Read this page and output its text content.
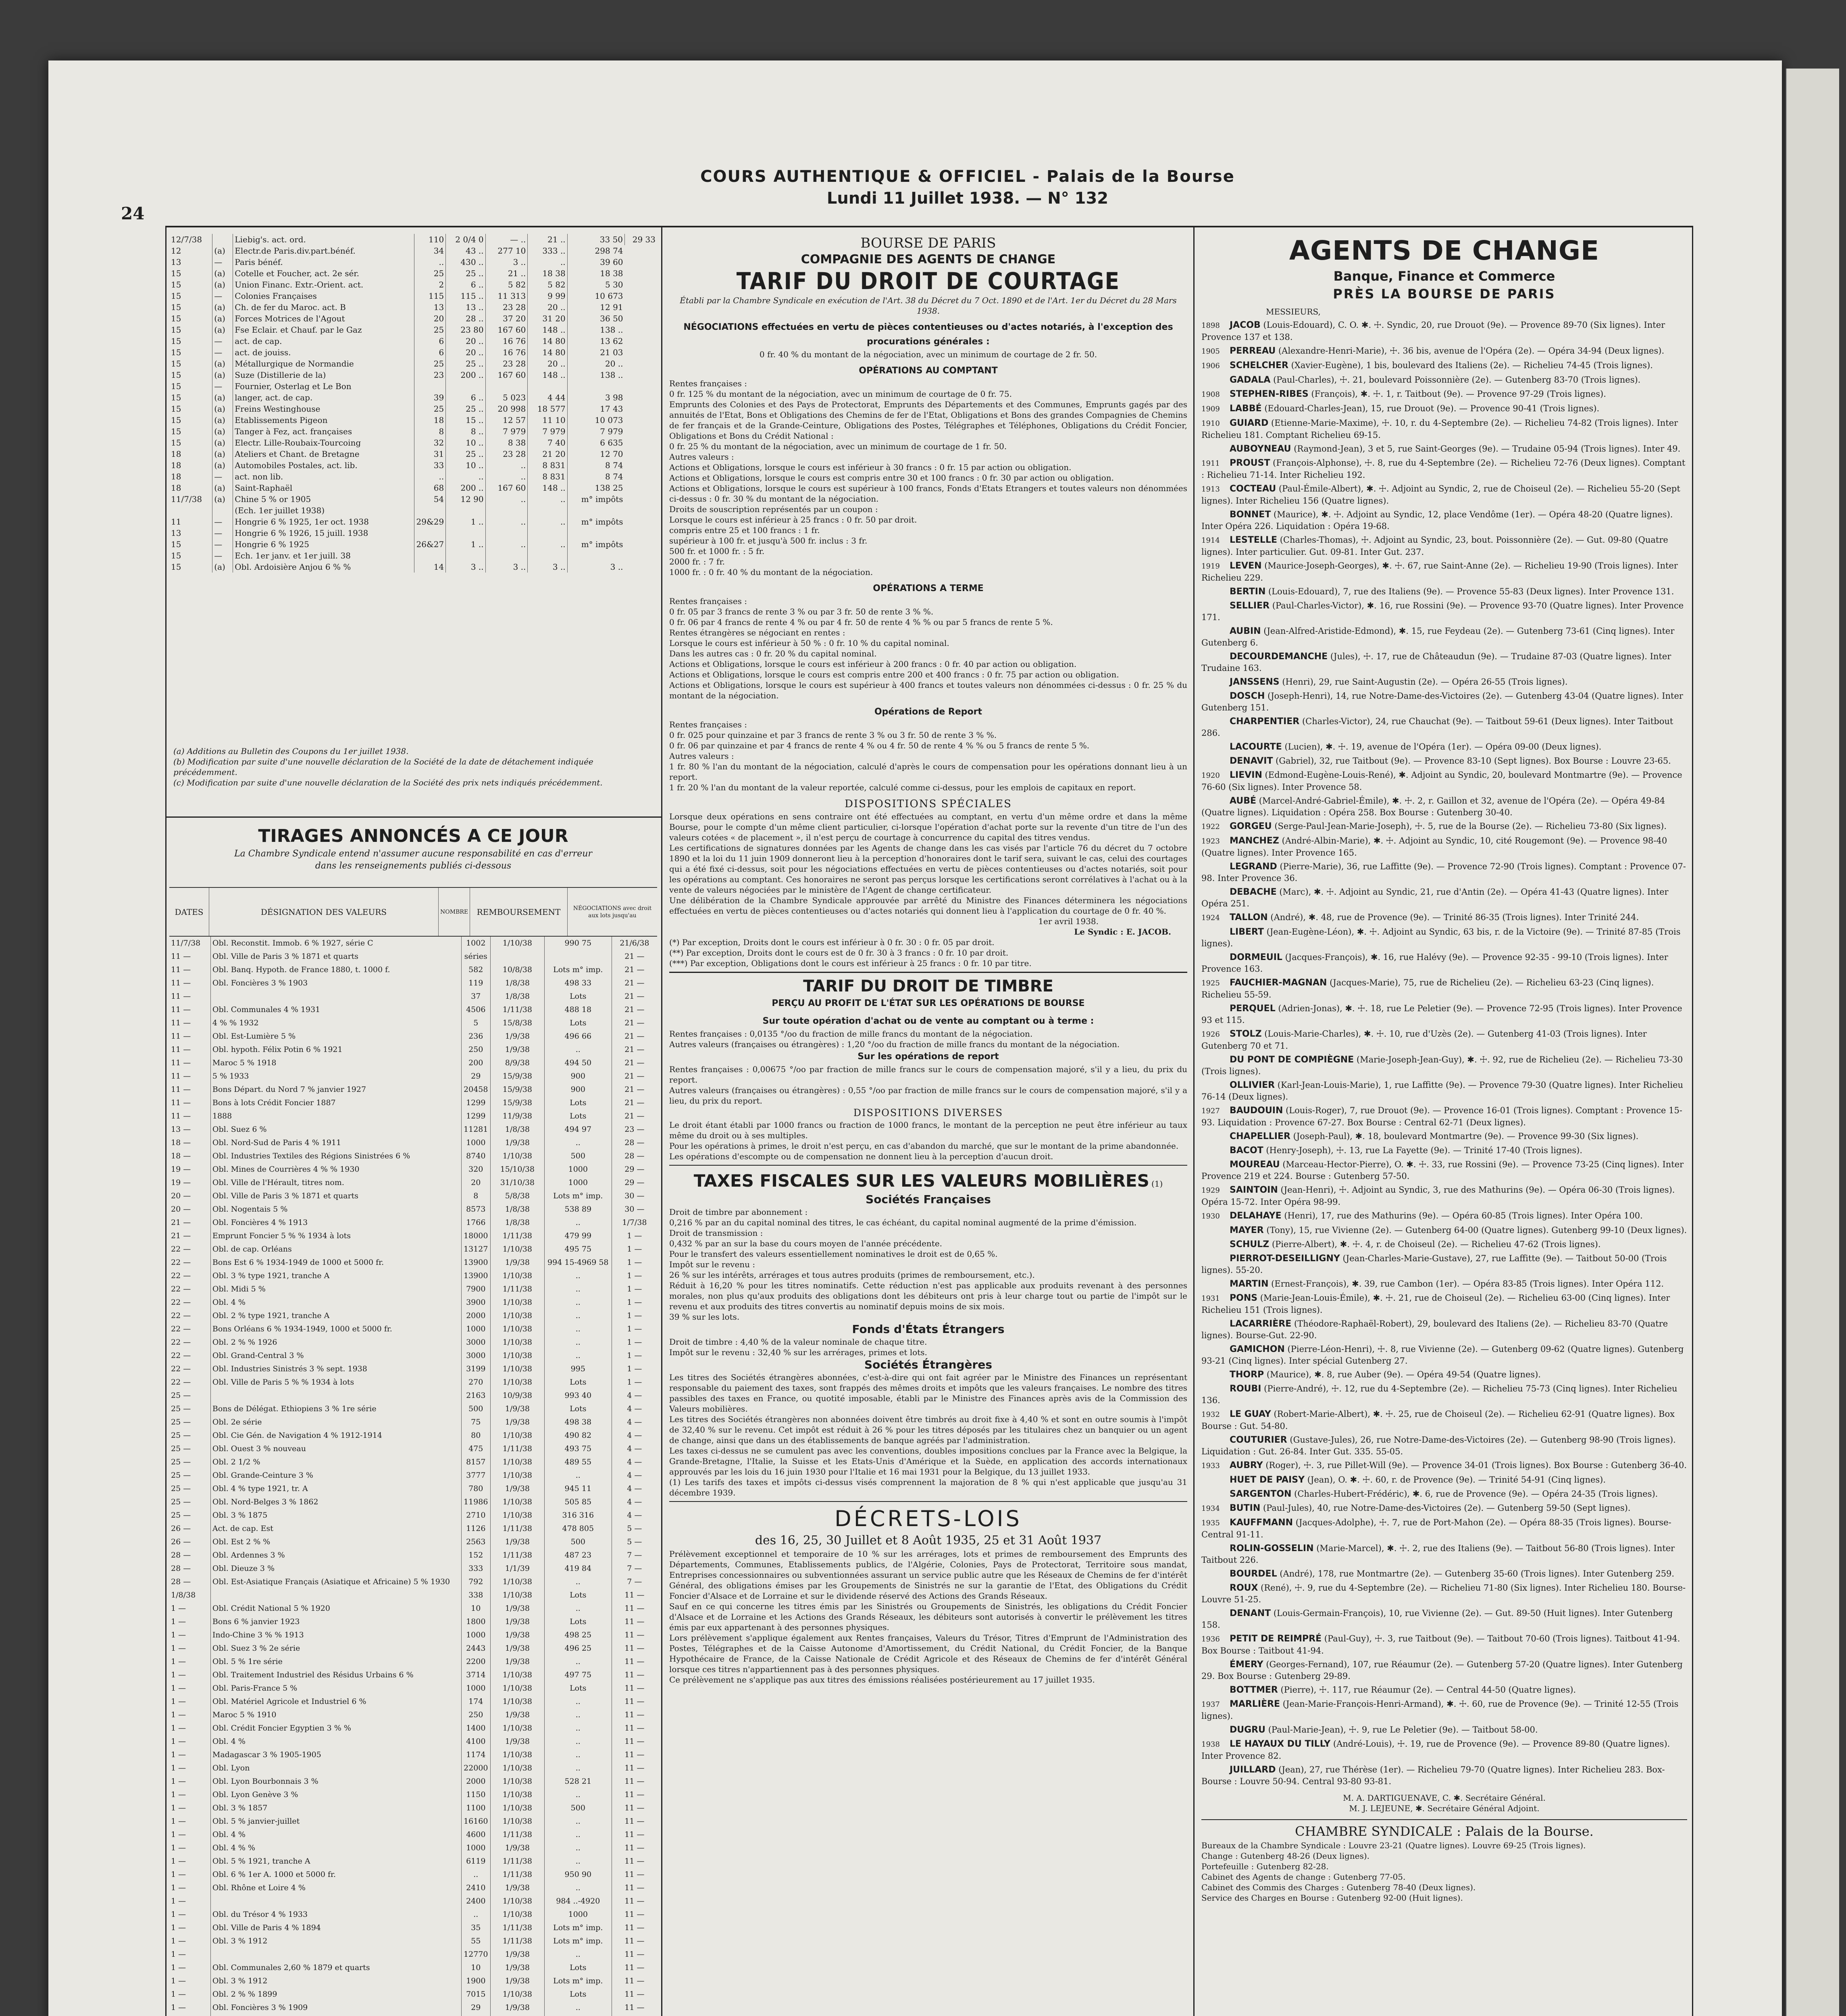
24
COURS AUTHENTIQUE & OFFICIEL - Palais de la Bourse
Lundi 11 Juillet 1938. — N° 132
12/7/38		Liebig's. act. ord.	110	2 0/4 0	— ..	21 ..	33 50	29 33
12	(a)	Electr.de Paris.div.part.bénéf.	34	43 ..	277 10	333 ..	298 74	
13	—	Paris bénéf.	..	430 ..	3 ..	..	39 60	
15	(a)	Cotelle et Foucher, act. 2e sér.	25	25 ..	21 ..	18 38	18 38	
15	(a)	Union Financ. Extr.-Orient. act.	2	6 ..	5 82	5 82	5 30	
15	—	Colonies Françaises	115	115 ..	11 313	9 99	10 673	
15	(a)	Ch. de fer du Maroc. act. B	13	13 ..	23 28	20 ..	12 91	
15	(a)	Forces Motrices de l'Agout	20	28 ..	37 20	31 20	36 50	
15	(a)	Fse Eclair. et Chauf. par le Gaz	25	23 80	167 60	148 ..	138 ..	
15	—	act. de cap.	6	20 ..	16 76	14 80	13 62	
15	—	act. de jouiss.	6	20 ..	16 76	14 80	21 03	
15	(a)	Métallurgique de Normandie	25	25 ..	23 28	20 ..	20 ..	
15	(a)	Suze (Distillerie de la)	23	200 ..	167 60	148 ..	138 ..	
15	—	Fournier, Osterlag et Le Bon						
15	(a)	langer, act. de cap.	39	6 ..	5 023	4 44	3 98	
15	(a)	Freins Westinghouse	25	25 ..	20 998	18 577	17 43	
15	(a)	Etablissements Pigeon	18	15 ..	12 57	11 10	10 073	
15	(a)	Tanger à Fez, act. françaises	8	8 ..	7 979	7 979	7 979	
15	(a)	Electr. Lille-Roubaix-Tourcoing	32	10 ..	8 38	7 40	6 635	
18	(a)	Ateliers et Chant. de Bretagne	31	25 ..	23 28	21 20	12 70	
18	(a)	Automobiles Postales, act. lib.	33	10 ..	..	8 831	8 74	
18	—	act. non lib.	..	..	..	8 831	8 74	
18	(a)	Saint-Raphaël	68	200 ..	167 60	148 ..	138 25	

11/7/38	(a)	Chine 5 % or 1905	54	12 90	..	..	m° impôts	
		(Ech. 1er juillet 1938)						
11	—	Hongrie 6 % 1925, 1er oct. 1938	29&29	1 ..	..	..	m° impôts	
13	—	Hongrie 6 % 1926, 15 juill. 1938						
15	—	Hongrie 6 % 1925	26&27	1 ..	..	..	m° impôts	
15	—	Ech. 1er janv. et 1er juill. 38						
15	(a)	Obl. Ardoisière Anjou 6 % %	14	3 ..	3 ..	3 ..	3 ..	
(a) Additions au Bulletin des Coupons du 1er juillet 1938.
(b) Modification par suite d'une nouvelle déclaration de la Société de la date de détachement indiquée précédemment.
(c) Modification par suite d'une nouvelle déclaration de la Société des prix nets indiqués précédemment.
TIRAGES ANNONCÉS A CE JOUR
La Chambre Syndicale entend n'assumer aucune responsabilité en cas d'erreur
dans les renseignements publiés ci-dessous
DATES	DÉSIGNATION DES VALEURS	NOMBRE	REMBOURSEMENT	NÉGOCIATIONS avec droit aux lots jusqu'au
11/7/38	Obl. Reconstit. Immob. 6 % 1927, série C	1002	1/10/38	990 75	21/6/38
11 —	Obl. Ville de Paris 3 % 1871 et quarts	séries			21 —
11 —	Obl. Banq. Hypoth. de France 1880, t. 1000 f.	582	10/8/38	Lots m° imp.	21 —
11 —	Obl. Foncières 3 % 1903	119	1/8/38	498 33	21 —
11 —		37	1/8/38	Lots	21 —
11 —	Obl. Communales 4 % 1931	4506	1/11/38	488 18	21 —
11 —	4 % % 1932	5	15/8/38	Lots	21 —
11 —	Obl. Est-Lumière 5 %	236	1/9/38	496 66	21 —
11 —	Obl. hypoth. Félix Potin 6 % 1921	250	1/9/38	..	21 —
11 —	Maroc 5 % 1918	200	8/9/38	494 50	21 —
11 —	5 % 1933	29	15/9/38	900	21 —
11 —	Bons Départ. du Nord 7 % janvier 1927	20458	15/9/38	900	21 —
11 —	Bons à lots Crédit Foncier 1887	1299	15/9/38	Lots	21 —
11 —	1888	1299	11/9/38	Lots	21 —
13 —	Obl. Suez 6 %	11281	1/8/38	494 97	23 —
18 —	Obl. Nord-Sud de Paris 4 % 1911	1000	1/9/38	..	28 —
18 —	Obl. Industries Textiles des Régions Sinistrées 6 %	8740	1/10/38	500	28 —
19 —	Obl. Mines de Courrières 4 % % 1930	320	15/10/38	1000	29 —
19 —	Obl. Ville de l'Hérault, titres nom.	20	31/10/38	1000	29 —
20 —	Obl. Ville de Paris 3 % 1871 et quarts	8	5/8/38	Lots m° imp.	30 —
20 —	Obl. Nogentais 5 %	8573	1/8/38	538 89	30 —
21 —	Obl. Foncières 4 % 1913	1766	1/8/38	..	1/7/38
21 —	Emprunt Foncier 5 % % 1934 à lots	18000	1/11/38	479 99	1 —
22 —	Obl. de cap. Orléans	13127	1/10/38	495 75	1 —
22 —	Bons Est 6 % 1934-1949 de 1000 et 5000 fr.	13900	1/9/38	994 15-4969 58	1 —
22 —	Obl. 3 % type 1921, tranche A	13900	1/10/38	..	1 —
22 —	Obl. Midi 5 %	7900	1/11/38	..	1 —
22 —	Obl. 4 %	3900	1/10/38	..	1 —
22 —	Obl. 2 % type 1921, tranche A	2000	1/10/38	..	1 —
22 —	Bons Orléans 6 % 1934-1949, 1000 et 5000 fr.	1000	1/10/38	..	1 —
22 —	Obl. 2 % % 1926	3000	1/10/38	..	1 —
22 —	Obl. Grand-Central 3 %	3000	1/10/38	..	1 —
22 —	Obl. Industries Sinistrés 3 % sept. 1938	3199	1/10/38	995	1 —
22 —	Obl. Ville de Paris 5 % % 1934 à lots	270	1/10/38	Lots	1 —
25 —		2163	10/9/38	993 40	4 —
25 —	Bons de Délégat. Ethiopiens 3 % 1re série	500	1/9/38	Lots	4 —
25 —	Obl. 2e série	75	1/9/38	498 38	4 —
25 —	Obl. Cie Gén. de Navigation 4 % 1912-1914	80	1/10/38	490 82	4 —
25 —	Obl. Ouest 3 % nouveau	475	1/11/38	493 75	4 —
25 —	Obl. 2 1/2 %	8157	1/10/38	489 55	4 —
25 —	Obl. Grande-Ceinture 3 %	3777	1/10/38	..	4 —
25 —	Obl. 4 % type 1921, tr. A	780	1/9/38	945 11	4 —
25 —	Obl. Nord-Belges 3 % 1862	11986	1/10/38	505 85	4 —
25 —	Obl. 3 % 1875	2710	1/10/38	316 316	4 —
26 —	Act. de cap. Est	1126	1/11/38	478 805	5 —
26 —	Obl. Est 2 % %	2563	1/9/38	500	5 —
28 —	Obl. Ardennes 3 %	152	1/11/38	487 23	7 —
28 —	Obl. Dieuze 3 %	333	1/1/39	419 84	7 —
28 —	Obl. Est-Asiatique Français (Asiatique et Africaine) 5 % 1930	792	1/10/38	..	7 —
1/8/38		338	1/10/38	Lots	11 —
1 —	Obl. Crédit National 5 % 1920	10	1/9/38	..	11 —
1 —	Bons 6 % janvier 1923	1800	1/9/38	Lots	11 —
1 —	Indo-Chine 3 % % 1913	1000	1/9/38	498 25	11 —
1 —	Obl. Suez 3 % 2e série	2443	1/9/38	496 25	11 —
1 —	Obl. 5 % 1re série	2200	1/9/38	..	11 —
1 —	Obl. Traitement Industriel des Résidus Urbains 6 %	3714	1/10/38	497 75	11 —
1 —	Obl. Paris-France 5 %	1000	1/10/38	Lots	11 —
1 —	Obl. Matériel Agricole et Industriel 6 %	174	1/10/38	..	11 —
1 —	Maroc 5 % 1910	250	1/9/38	..	11 —
1 —	Obl. Crédit Foncier Egyptien 3 % %	1400	1/10/38	..	11 —
1 —	Obl. 4 %	4100	1/9/38	..	11 —
1 —	Madagascar 3 % 1905-1905	1174	1/10/38	..	11 —
1 —	Obl. Lyon	22000	1/10/38	..	11 —
1 —	Obl. Lyon Bourbonnais 3 %	2000	1/10/38	528 21	11 —
1 —	Obl. Lyon Genève 3 %	1150	1/10/38	..	11 —
1 —	Obl. 3 % 1857	1100	1/10/38	500	11 —
1 —	Obl. 5 % janvier-juillet	16160	1/10/38	..	11 —
1 —	Obl. 4 %	4600	1/11/38	..	11 —
1 —	Obl. 4 % %	1000	1/9/38	..	11 —
1 —	Obl. 5 % 1921, tranche A	6119	1/11/38	..	11 —
1 —	Obl. 6 % 1er A. 1000 et 5000 fr.	..	1/11/38	950 90	11 —
1 —	Obl. Rhône et Loire 4 %	2410	1/9/38	..	11 —
1 —		2400	1/10/38	984 ..-4920	11 —
1 —	Obl. du Trésor 4 % 1933	..	1/10/38	1000	11 —
1 —	Obl. Ville de Paris 4 % 1894	35	1/11/38	Lots m° imp.	11 —
1 —	Obl. 3 % 1912	55	1/11/38	Lots m° imp.	11 —
1 —		12770	1/9/38	..	11 —
1 —	Obl. Communales 2,60 % 1879 et quarts	10	1/9/38	Lots	11 —
1 —	Obl. 3 % 1912	1900	1/9/38	Lots m° imp.	11 —
1 —	Obl. 2 % % 1899	7015	1/10/38	Lots	11 —
1 —	Obl. Foncières 3 % 1909	29	1/9/38	..	11 —

BOURSE DE PARIS
COMPAGNIE DES AGENTS DE CHANGE
TARIF DU DROIT DE COURTAGE
Établi par la Chambre Syndicale en exécution de l'Art. 38 du Décret du 7 Oct. 1890 et de l'Art. 1er du Décret du 28 Mars 1938.
NÉGOCIATIONS effectuées en vertu de pièces contentieuses ou d'actes notariés, à l'exception des procurations générales :
0 fr. 40 % du montant de la négociation, avec un minimum de courtage de 2 fr. 50.
OPÉRATIONS AU COMPTANT
Rentes françaises :
0 fr. 125 % du montant de la négociation, avec un minimum de courtage de 0 fr. 75.
Emprunts des Colonies et des Pays de Protectorat, Emprunts des Départements et des Communes, Emprunts gagés par des annuités de l'Etat, Bons et Obligations des Chemins de fer de l'Etat, Obligations et Bons des grandes Compagnies de Chemins de fer français et de la Grande-Ceinture, Obligations des Postes, Télégraphes et Téléphones, Obligations du Crédit Foncier, Obligations et Bons du Crédit National :
0 fr. 25 % du montant de la négociation, avec un minimum de courtage de 1 fr. 50.
Autres valeurs :
Actions et Obligations, lorsque le cours est inférieur à 30 francs : 0 fr. 15 par action ou obligation.
Actions et Obligations, lorsque le cours est compris entre 30 et 100 francs : 0 fr. 30 par action ou obligation.
Actions et Obligations, lorsque le cours est supérieur à 100 francs, Fonds d'Etats Etrangers et toutes valeurs non dénommées ci-dessus : 0 fr. 30 % du montant de la négociation.
Droits de souscription représentés par un coupon :
Lorsque le cours est inférieur à 25 francs : 0 fr. 50 par droit.
compris entre 25 et 100 francs : 1 fr.
supérieur à 100 fr. et jusqu'à 500 fr. inclus : 3 fr.
500 fr. et 1000 fr. : 5 fr.
2000 fr. : 7 fr.
1000 fr. : 0 fr. 40 % du montant de la négociation.
OPÉRATIONS A TERME
Rentes françaises :
0 fr. 05 par 3 francs de rente 3 % ou par 3 fr. 50 de rente 3 % %.
0 fr. 06 par 4 francs de rente 4 % ou par 4 fr. 50 de rente 4 % % ou par 5 francs de rente 5 %.
Rentes étrangères se négociant en rentes :
Lorsque le cours est inférieur à 50 % : 0 fr. 10 % du capital nominal.
Dans les autres cas : 0 fr. 20 % du capital nominal.
Actions et Obligations, lorsque le cours est inférieur à 200 francs : 0 fr. 40 par action ou obligation.
Actions et Obligations, lorsque le cours est compris entre 200 et 400 francs : 0 fr. 75 par action ou obligation.
Actions et Obligations, lorsque le cours est supérieur à 400 francs et toutes valeurs non dénommées ci-dessus : 0 fr. 25 % du montant de la négociation.
Opérations de Report
Rentes françaises :
0 fr. 025 pour quinzaine et par 3 francs de rente 3 % ou 3 fr. 50 de rente 3 % %.
0 fr. 06 par quinzaine et par 4 francs de rente 4 % ou 4 fr. 50 de rente 4 % % ou 5 francs de rente 5 %.
Autres valeurs :
1 fr. 80 % l'an du montant de la négociation, calculé d'après le cours de compensation pour les opérations donnant lieu à un report.
1 fr. 20 % l'an du montant de la valeur reportée, calculé comme ci-dessus, pour les emplois de capitaux en report.
DISPOSITIONS SPÉCIALES
Lorsque deux opérations en sens contraire ont été effectuées au comptant, en vertu d'un même ordre et dans la même Bourse, pour le compte d'un même client particulier, ci-lorsque l'opération d'achat porte sur la revente d'un titre de l'un des valeurs cotées « de placement », il n'est perçu de courtage à concurrence du capital des titres vendus.
Les certifications de signatures données par les Agents de change dans les cas visés par l'article 76 du décret du 7 octobre 1890 et la loi du 11 juin 1909 donneront lieu à la perception d'honoraires dont le tarif sera, suivant le cas, celui des courtages qui a été fixé ci-dessus, soit pour les négociations effectuées en vertu de pièces contentieuses ou d'actes notariés, soit pour les opérations au comptant. Ces honoraires ne seront pas perçus lorsque les certifications seront corrélatives à l'achat ou à la vente de valeurs négociées par le ministère de l'Agent de change certificateur.
Une délibération de la Chambre Syndicale approuvée par arrêté du Ministre des Finances déterminera les négociations effectuées en vertu de pièces contentieuses ou d'actes notariés qui donnent lieu à l'application du courtage de 0 fr. 40 %.
1er avril 1938.
Le Syndic : E. JACOB.
(*) Par exception, Droits dont le cours est inférieur à 0 fr. 30 : 0 fr. 05 par droit.
(**) Par exception, Droits dont le cours est de 0 fr. 30 à 3 francs : 0 fr. 10 par droit.
(***) Par exception, Obligations dont le cours est inférieur à 25 francs : 0 fr. 10 par titre.
TARIF DU DROIT DE TIMBRE
PERÇU AU PROFIT DE L'ÉTAT SUR LES OPÉRATIONS DE BOURSE
Sur toute opération d'achat ou de vente au comptant ou à terme :
Rentes françaises : 0,0135 °/oo du fraction de mille francs du montant de la négociation.
Autres valeurs (françaises ou étrangères) : 1,20 °/oo du fraction de mille francs du montant de la négociation.
Sur les opérations de report
Rentes françaises : 0,00675 °/oo par fraction de mille francs sur le cours de compensation majoré, s'il y a lieu, du prix du report.
Autres valeurs (françaises ou étrangères) : 0,55 °/oo par fraction de mille francs sur le cours de compensation majoré, s'il y a lieu, du prix du report.
DISPOSITIONS DIVERSES
Le droit étant établi par 1000 francs ou fraction de 1000 francs, le montant de la perception ne peut être inférieur au taux même du droit ou à ses multiples.
Pour les opérations à primes, le droit n'est perçu, en cas d'abandon du marché, que sur le montant de la prime abandonnée.
Les opérations d'escompte ou de compensation ne donnent lieu à la perception d'aucun droit.
TAXES FISCALES SUR LES VALEURS MOBILIÈRES (1)
Sociétés Françaises
Droit de timbre par abonnement :
0,216 % par an du capital nominal des titres, le cas échéant, du capital nominal augmenté de la prime d'émission.
Droit de transmission :
0,432 % par an sur la base du cours moyen de l'année précédente.
Pour le transfert des valeurs essentiellement nominatives le droit est de 0,65 %.
Impôt sur le revenu :
26 % sur les intérêts, arrérages et tous autres produits (primes de remboursement, etc.).
Réduit à 16,20 % pour les titres nominatifs. Cette réduction n'est pas applicable aux produits revenant à des personnes morales, non plus qu'aux produits des obligations dont les débiteurs ont pris à leur charge tout ou partie de l'impôt sur le revenu et aux produits des titres convertis au nominatif depuis moins de six mois.
39 % sur les lots.
Fonds d'États Étrangers
Droit de timbre : 4,40 % de la valeur nominale de chaque titre.
Impôt sur le revenu : 32,40 % sur les arrérages, primes et lots.
Sociétés Étrangères
Les titres des Sociétés étrangères abonnées, c'est-à-dire qui ont fait agréer par le Ministre des Finances un représentant responsable du paiement des taxes, sont frappés des mêmes droits et impôts que les valeurs françaises. Le nombre des titres passibles des taxes en France, ou quotité imposable, établi par le Ministre des Finances après avis de la Commission des Valeurs mobilières.
Les titres des Sociétés étrangères non abonnées doivent être timbrés au droit fixe à 4,40 % et sont en outre soumis à l'impôt de 32,40 % sur le revenu. Cet impôt est réduit à 26 % pour les titres déposés par les titulaires chez un banquier ou un agent de change, ainsi que dans un des établissements de banque agréés par l'administration.
Les taxes ci-dessus ne se cumulent pas avec les conventions, doubles impositions conclues par la France avec la Belgique, la Grande-Bretagne, l'Italie, la Suisse et les Etats-Unis d'Amérique et la Suède, en application des accords internationaux approuvés par les lois du 16 juin 1930 pour l'Italie et 16 mai 1931 pour la Belgique, du 13 juillet 1933.
(1) Les tarifs des taxes et impôts ci-dessus visés comprennent la majoration de 8 % qui n'est applicable que jusqu'au 31 décembre 1939.
DÉCRETS-LOIS
des 16, 25, 30 Juillet et 8 Août 1935, 25 et 31 Août 1937
Prélèvement exceptionnel et temporaire de 10 % sur les arrérages, lots et primes de remboursement des Emprunts des Départements, Communes, Etablissements publics, de l'Algérie, Colonies, Pays de Protectorat, Territoire sous mandat, Entreprises concessionnaires ou subventionnées assurant un service public autre que les Réseaux de Chemins de fer d'intérêt Général, des obligations émises par les Groupements de Sinistrés ne sur la garantie de l'Etat, des Obligations du Crédit Foncier d'Alsace et de Lorraine et sur le dividende réservé des Actions des Grands Réseaux.
Sauf en ce qui concerne les titres émis par les Sinistrés ou Groupements de Sinistrés, les obligations du Crédit Foncier d'Alsace et de Lorraine et les Actions des Grands Réseaux, les débiteurs sont autorisés à convertir le prélèvement les titres émis par eux appartenant à des personnes physiques.
Lors prélèvement s'applique également aux Rentes françaises, Valeurs du Trésor, Titres d'Emprunt de l'Administration des Postes, Télégraphes et de la Caisse Autonome d'Amortissement, du Crédit National, du Crédit Foncier, de la Banque Hypothécaire de France, de la Caisse Nationale de Crédit Agricole et des Réseaux de Chemins de fer d'intérêt Général lorsque ces titres n'appartiennent pas à des personnes physiques.
Ce prélèvement ne s'applique pas aux titres des émissions réalisées postérieurement au 17 juillet 1935.
AGENTS DE CHANGE
Banque, Finance et Commerce
PRÈS LA BOURSE DE PARIS
MESSIEURS,
1898 JACOB (Louis-Edouard), C. O. ✱. ☩. Syndic, 20, rue Drouot (9e). — Provence 89-70 (Six lignes). Inter Provence 137 et 138.
1905 PERREAU (Alexandre-Henri-Marie), ☩. 36 bis, avenue de l'Opéra (2e). — Opéra 34-94 (Deux lignes).
1906 SCHELCHER (Xavier-Eugène), 1 bis, boulevard des Italiens (2e). — Richelieu 74-45 (Trois lignes).
GADALA (Paul-Charles), ☩. 21, boulevard Poissonnière (2e). — Gutenberg 83-70 (Trois lignes).
1908 STEPHEN-RIBES (François), ✱. ☩. 1, r. Taitbout (9e). — Provence 97-29 (Trois lignes).
1909 LABBÉ (Edouard-Charles-Jean), 15, rue Drouot (9e). — Provence 90-41 (Trois lignes).
1910 GUIARD (Etienne-Marie-Maxime), ☩. 10, r. du 4-Septembre (2e). — Richelieu 74-82 (Trois lignes). Inter Richelieu 181. Comptant Richelieu 69-15.
AUBOYNEAU (Raymond-Jean), 3 et 5, rue Saint-Georges (9e). — Trudaine 05-94 (Trois lignes). Inter 49.
1911 PROUST (François-Alphonse), ☩. 8, rue du 4-Septembre (2e). — Richelieu 72-76 (Deux lignes). Comptant : Richelieu 71-14. Inter Richelieu 192.
1913 COCTEAU (Paul-Émile-Albert), ✱. ☩. Adjoint au Syndic, 2, rue de Choiseul (2e). — Richelieu 55-20 (Sept lignes). Inter Richelieu 156 (Quatre lignes).
BONNET (Maurice), ✱. ☩. Adjoint au Syndic, 12, place Vendôme (1er). — Opéra 48-20 (Quatre lignes). Inter Opéra 226. Liquidation : Opéra 19-68.
1914 LESTELLE (Charles-Thomas), ☩. Adjoint au Syndic, 23, bout. Poissonnière (2e). — Gut. 09-80 (Quatre lignes). Inter particulier. Gut. 09-81. Inter Gut. 237.
1919 LEVEN (Maurice-Joseph-Georges), ✱. ☩. 67, rue Saint-Anne (2e). — Richelieu 19-90 (Trois lignes). Inter Richelieu 229.
BERTIN (Louis-Edouard), 7, rue des Italiens (9e). — Provence 55-83 (Deux lignes). Inter Provence 131.
SELLIER (Paul-Charles-Victor), ✱. 16, rue Rossini (9e). — Provence 93-70 (Quatre lignes). Inter Provence 171.
AUBIN (Jean-Alfred-Aristide-Edmond), ✱. 15, rue Feydeau (2e). — Gutenberg 73-61 (Cinq lignes). Inter Gutenberg 6.
DECOURDEMANCHE (Jules), ☩. 17, rue de Châteaudun (9e). — Trudaine 87-03 (Quatre lignes). Inter Trudaine 163.
JANSSENS (Henri), 29, rue Saint-Augustin (2e). — Opéra 26-55 (Trois lignes).
DOSCH (Joseph-Henri), 14, rue Notre-Dame-des-Victoires (2e). — Gutenberg 43-04 (Quatre lignes). Inter Gutenberg 151.
CHARPENTIER (Charles-Victor), 24, rue Chauchat (9e). — Taitbout 59-61 (Deux lignes). Inter Taitbout 286.
LACOURTE (Lucien), ✱. ☩. 19, avenue de l'Opéra (1er). — Opéra 09-00 (Deux lignes).
DENAVIT (Gabriel), 32, rue Taitbout (9e). — Provence 83-10 (Sept lignes). Box Bourse : Louvre 23-65.
1920 LIEVIN (Edmond-Eugène-Louis-René), ✱. Adjoint au Syndic, 20, boulevard Montmartre (9e). — Provence 76-60 (Six lignes). Inter Provence 58.
AUBÉ (Marcel-André-Gabriel-Émile), ✱. ☩. 2, r. Gaillon et 32, avenue de l'Opéra (2e). — Opéra 49-84 (Quatre lignes). Liquidation : Opéra 258. Box Bourse : Gutenberg 30-40.
1922 GORGEU (Serge-Paul-Jean-Marie-Joseph), ☩. 5, rue de la Bourse (2e). — Richelieu 73-80 (Six lignes).
1923 MANCHEZ (André-Albin-Marie), ✱. ☩. Adjoint au Syndic, 10, cité Rougemont (9e). — Provence 98-40 (Quatre lignes). Inter Provence 165.
LEGRAND (Pierre-Marie), 36, rue Laffitte (9e). — Provence 72-90 (Trois lignes). Comptant : Provence 07-98. Inter Provence 36.
DEBACHE (Marc), ✱. ☩. Adjoint au Syndic, 21, rue d'Antin (2e). — Opéra 41-43 (Quatre lignes). Inter Opéra 251.
1924 TALLON (André), ✱. 48, rue de Provence (9e). — Trinité 86-35 (Trois lignes). Inter Trinité 244.
LIBERT (Jean-Eugène-Léon), ✱. ☩. Adjoint au Syndic, 63 bis, r. de la Victoire (9e). — Trinité 87-85 (Trois lignes).
DORMEUIL (Jacques-François), ✱. 16, rue Halévy (9e). — Provence 92-35 - 99-10 (Trois lignes). Inter Provence 163.
1925 FAUCHIER-MAGNAN (Jacques-Marie), 75, rue de Richelieu (2e). — Richelieu 63-23 (Cinq lignes). Richelieu 55-59.
PERQUEL (Adrien-Jonas), ✱. ☩. 18, rue Le Peletier (9e). — Provence 72-95 (Trois lignes). Inter Provence 93 et 115.
1926 STOLZ (Louis-Marie-Charles), ✱. ☩. 10, rue d'Uzès (2e). — Gutenberg 41-03 (Trois lignes). Inter Gutenberg 70 et 71.
DU PONT DE COMPIÈGNE (Marie-Joseph-Jean-Guy), ✱. ☩. 92, rue de Richelieu (2e). — Richelieu 73-30 (Trois lignes).
OLLIVIER (Karl-Jean-Louis-Marie), 1, rue Laffitte (9e). — Provence 79-30 (Quatre lignes). Inter Richelieu 76-14 (Deux lignes).
1927 BAUDOUIN (Louis-Roger), 7, rue Drouot (9e). — Provence 16-01 (Trois lignes). Comptant : Provence 15-93. Liquidation : Provence 67-27. Box Bourse : Central 62-71 (Deux lignes).
CHAPELLIER (Joseph-Paul), ✱. 18, boulevard Montmartre (9e). — Provence 99-30 (Six lignes).
BACOT (Henry-Joseph), ☩. 13, rue La Fayette (9e). — Trinité 17-40 (Trois lignes).
MOUREAU (Marceau-Hector-Pierre), O. ✱. ☩. 33, rue Rossini (9e). — Provence 73-25 (Cinq lignes). Inter Provence 219 et 224. Bourse : Gutenberg 57-50.
1929 SAINTOIN (Jean-Henri), ☩. Adjoint au Syndic, 3, rue des Mathurins (9e). — Opéra 06-30 (Trois lignes). Opéra 15-72. Inter Opéra 98-99.
1930 DELAHAYE (Henri), 17, rue des Mathurins (9e). — Opéra 60-85 (Trois lignes). Inter Opéra 100.
MAYER (Tony), 15, rue Vivienne (2e). — Gutenberg 64-00 (Quatre lignes). Gutenberg 99-10 (Deux lignes).
SCHULZ (Pierre-Albert), ✱. ☩. 4, r. de Choiseul (2e). — Richelieu 47-62 (Trois lignes).
PIERROT-DESEILLIGNY (Jean-Charles-Marie-Gustave), 27, rue Laffitte (9e). — Taitbout 50-00 (Trois lignes). 55-20.
MARTIN (Ernest-François), ✱. 39, rue Cambon (1er). — Opéra 83-85 (Trois lignes). Inter Opéra 112.
1931 PONS (Marie-Jean-Louis-Émile), ✱. ☩. 21, rue de Choiseul (2e). — Richelieu 63-00 (Cinq lignes). Inter Richelieu 151 (Trois lignes).
LACARRIÈRE (Théodore-Raphaël-Robert), 29, boulevard des Italiens (2e). — Richelieu 83-70 (Quatre lignes). Bourse-Gut. 22-90.
GAMICHON (Pierre-Léon-Henri), ☩. 8, rue Vivienne (2e). — Gutenberg 09-62 (Quatre lignes). Gutenberg 93-21 (Cinq lignes). Inter spécial Gutenberg 27.
THORP (Maurice), ✱. 8, rue Auber (9e). — Opéra 49-54 (Quatre lignes).
ROUBI (Pierre-André), ☩. 12, rue du 4-Septembre (2e). — Richelieu 75-73 (Cinq lignes). Inter Richelieu 136.
1932 LE GUAY (Robert-Marie-Albert), ✱. ☩. 25, rue de Choiseul (2e). — Richelieu 62-91 (Quatre lignes). Box Bourse : Gut. 54-80.
COUTURIER (Gustave-Jules), 26, rue Notre-Dame-des-Victoires (2e). — Gutenberg 98-90 (Trois lignes). Liquidation : Gut. 26-84. Inter Gut. 335. 55-05.
1933 AUBRY (Roger), ☩. 3, rue Pillet-Will (9e). — Provence 34-01 (Trois lignes). Box Bourse : Gutenberg 36-40.
HUET DE PAISY (Jean), O. ✱. ☩. 60, r. de Provence (9e). — Trinité 54-91 (Cinq lignes).
SARGENTON (Charles-Hubert-Frédéric), ✱. 6, rue de Provence (9e). — Opéra 24-35 (Trois lignes).
1934 BUTIN (Paul-Jules), 40, rue Notre-Dame-des-Victoires (2e). — Gutenberg 59-50 (Sept lignes).
1935 KAUFFMANN (Jacques-Adolphe), ☩. 7, rue de Port-Mahon (2e). — Opéra 88-35 (Trois lignes). Bourse-Central 91-11.
ROLIN-GOSSELIN (Marie-Marcel), ✱. ☩. 2, rue des Italiens (9e). — Taitbout 56-80 (Trois lignes). Inter Taitbout 226.
BOURDEL (André), 178, rue Montmartre (2e). — Gutenberg 35-60 (Trois lignes). Inter Gutenberg 259.
ROUX (René), ☩. 9, rue du 4-Septembre (2e). — Richelieu 71-80 (Six lignes). Inter Richelieu 180. Bourse-Louvre 51-25.
DENANT (Louis-Germain-François), 10, rue Vivienne (2e). — Gut. 89-50 (Huit lignes). Inter Gutenberg 158.
1936 PETIT DE REIMPRÉ (Paul-Guy), ☩. 3, rue Taitbout (9e). — Taitbout 70-60 (Trois lignes). Taitbout 41-94. Box Bourse : Taitbout 41-94.
ÉMERY (Georges-Fernand), 107, rue Réaumur (2e). — Gutenberg 57-20 (Quatre lignes). Inter Gutenberg 29. Box Bourse : Gutenberg 29-89.
BOTTMER (Pierre), ☩. 117, rue Réaumur (2e). — Central 44-50 (Quatre lignes).
1937 MARLIÈRE (Jean-Marie-François-Henri-Armand), ✱. ☩. 60, rue de Provence (9e). — Trinité 12-55 (Trois lignes).
DUGRU (Paul-Marie-Jean), ☩. 9, rue Le Peletier (9e). — Taitbout 58-00.
1938 LE HAYAUX DU TILLY (André-Louis), ☩. 19, rue de Provence (9e). — Provence 89-80 (Quatre lignes). Inter Provence 82.
JUILLARD (Jean), 27, rue Thérèse (1er). — Richelieu 79-70 (Quatre lignes). Inter Richelieu 283. Box-Bourse : Louvre 50-94. Central 93-80 93-81.
M. A. DARTIGUENAVE, C. ✱. Secrétaire Général.
M. J. LEJEUNE, ✱. Secrétaire Général Adjoint.
CHAMBRE SYNDICALE : Palais de la Bourse.
Bureaux de la Chambre Syndicale : Louvre 23-21 (Quatre lignes). Louvre 69-25 (Trois lignes).
Change : Gutenberg 48-26 (Deux lignes).
Portefeuille : Gutenberg 82-28.
Cabinet des Agents de change : Gutenberg 77-05.
Cabinet des Commis des Charges : Gutenberg 78-40 (Deux lignes).
Service des Charges en Bourse : Gutenberg 92-00 (Huit lignes).
